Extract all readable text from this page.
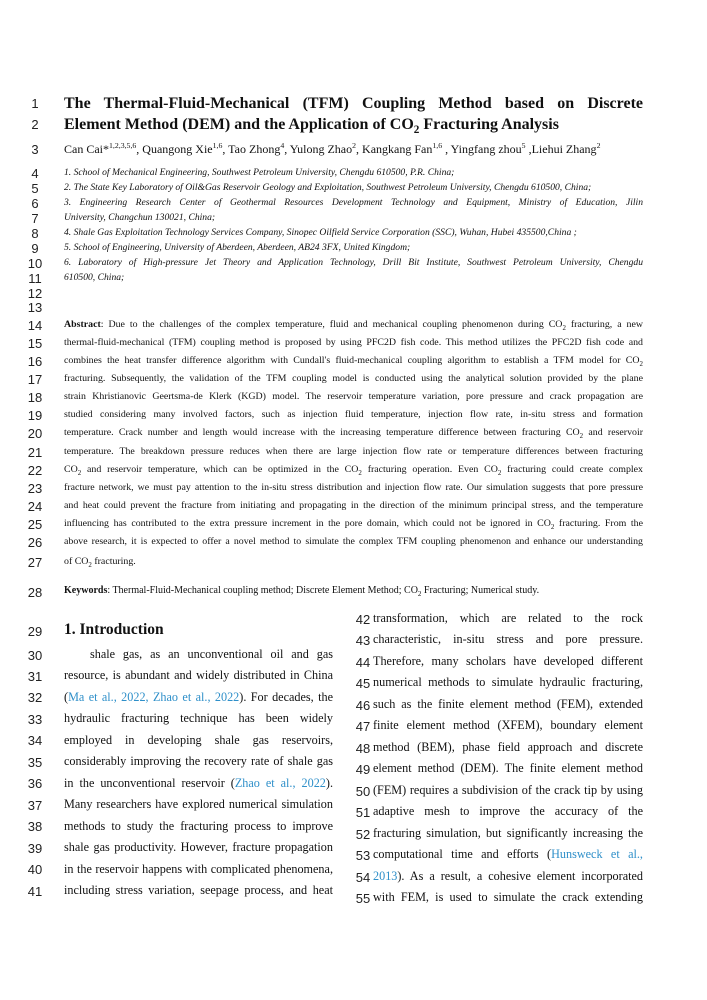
1
2
3
4
5
6
7
8
9
10
11
12
13
14
15
16
17
18
19
20
21
22
23
24
25
26
27
28
29
30
31
32
33
34
35
36
37
38
39
40
41
42
43
44
45
46
47
48
49
50
51
52
53
54
55
The Thermal-Fluid-Mechanical (TFM) Coupling Method based on Discrete
Element Method (DEM) and the Application of $CO_2$ Fracturing Analysis
Can Cai*$^{1,2,3,5,6}$, Quangong Xie$^{1,6}$, Tao Zhong$^4$, Yulong Zhao$^2$, Kangkang Fan$^{1,6}$ , Yingfang zhou$^5$ ,Liehui Zhang$^2$
1. School of Mechanical Engineering, Southwest Petroleum University, Chengdu 610500, P.R. China;
2. The State Key Laboratory of Oil&Gas Reservoir Geology and Exploitation, Southwest Petroleum University, Chengdu 610500, China;
3. Engineering Research Center of Geothermal Resources Development Technology and Equipment, Ministry of Education, Jilin
University, Changchun 130021, China;
4. Shale Gas Exploitation Technology Services Company, Sinopec Oilfield Service Corporation (SSC), Wuhan, Hubei 435500,China ;
5. School of Engineering, University of Aberdeen, Aberdeen, AB24 3FX, United Kingdom;
6. Laboratory of High-pressure Jet Theory and Application Technology, Drill Bit Institute, Southwest Petroleum University, Chengdu
610500, China;
Abstract: Due to the challenges of the complex temperature, fluid and mechanical coupling phenomenon during $CO_2$ fracturing, a new
thermal-fluid-mechanical (TFM) coupling method is proposed by using PFC2D fish code. This method utilizes the PFC2D fish code and
combines the heat transfer difference algorithm with Cundall's fluid-mechanical coupling algorithm to establish a TFM model for $CO_2$
fracturing. Subsequently, the validation of the TFM coupling model is conducted using the analytical solution provided by the plane
strain Khristianovic Geertsma-de Klerk (KGD) model. The reservoir temperature variation, pore pressure and crack propagation are
studied considering many involved factors, such as injection fluid temperature, injection flow rate, in-situ stress and formation
temperature. Crack number and length would increase with the increasing temperature difference between fracturing $CO_2$ and reservoir
temperature. The breakdown pressure reduces when there are large injection flow rate or temperature differences between fracturing
$CO_2$ and reservoir temperature, which can be optimized in the $CO_2$ fracturing operation. Even $CO_2$ fracturing could create complex
fracture network, we must pay attention to the in-situ stress distribution and injection flow rate. Our simulation suggests that pore pressure
and heat could prevent the fracture from initiating and propagating in the direction of the minimum principal stress, and the temperature
influencing has contributed to the extra pressure increment in the pore domain, which could not be ignored in $CO_2$ fracturing. From the
above research, it is expected to offer a novel method to simulate the complex TFM coupling phenomenon and enhance our understanding
of $CO_2$ fracturing.
Keywords: Thermal-Fluid-Mechanical coupling method; Discrete Element Method; $CO_2$ Fracturing; Numerical study.
1. Introduction
shale gas, as an unconventional oil and gas
resource, is abundant and widely distributed in China
(Ma et al., 2022, Zhao et al., 2022). For decades, the
hydraulic fracturing technique has been widely
employed in developing shale gas reservoirs,
considerably improving the recovery rate of shale gas
in the unconventional reservoir (Zhao et al., 2022).
Many researchers have explored numerical simulation
methods to study the fracturing process to improve
shale gas productivity. However, fracture propagation
in the reservoir happens with complicated phenomena,
including stress variation, seepage process, and heat
transformation, which are related to the rock
characteristic, in-situ stress and pore pressure.
Therefore, many scholars have developed different
numerical methods to simulate hydraulic fracturing,
such as the finite element method (FEM), extended
finite element method (XFEM), boundary element
method (BEM), phase field approach and discrete
element method (DEM). The finite element method
(FEM) requires a subdivision of the crack tip by using
adaptive mesh to improve the accuracy of the
fracturing simulation, but significantly increasing the
computational time and efforts (Hunsweck et al.,
2013). As a result, a cohesive element incorporated
with FEM, is used to simulate the crack extending
